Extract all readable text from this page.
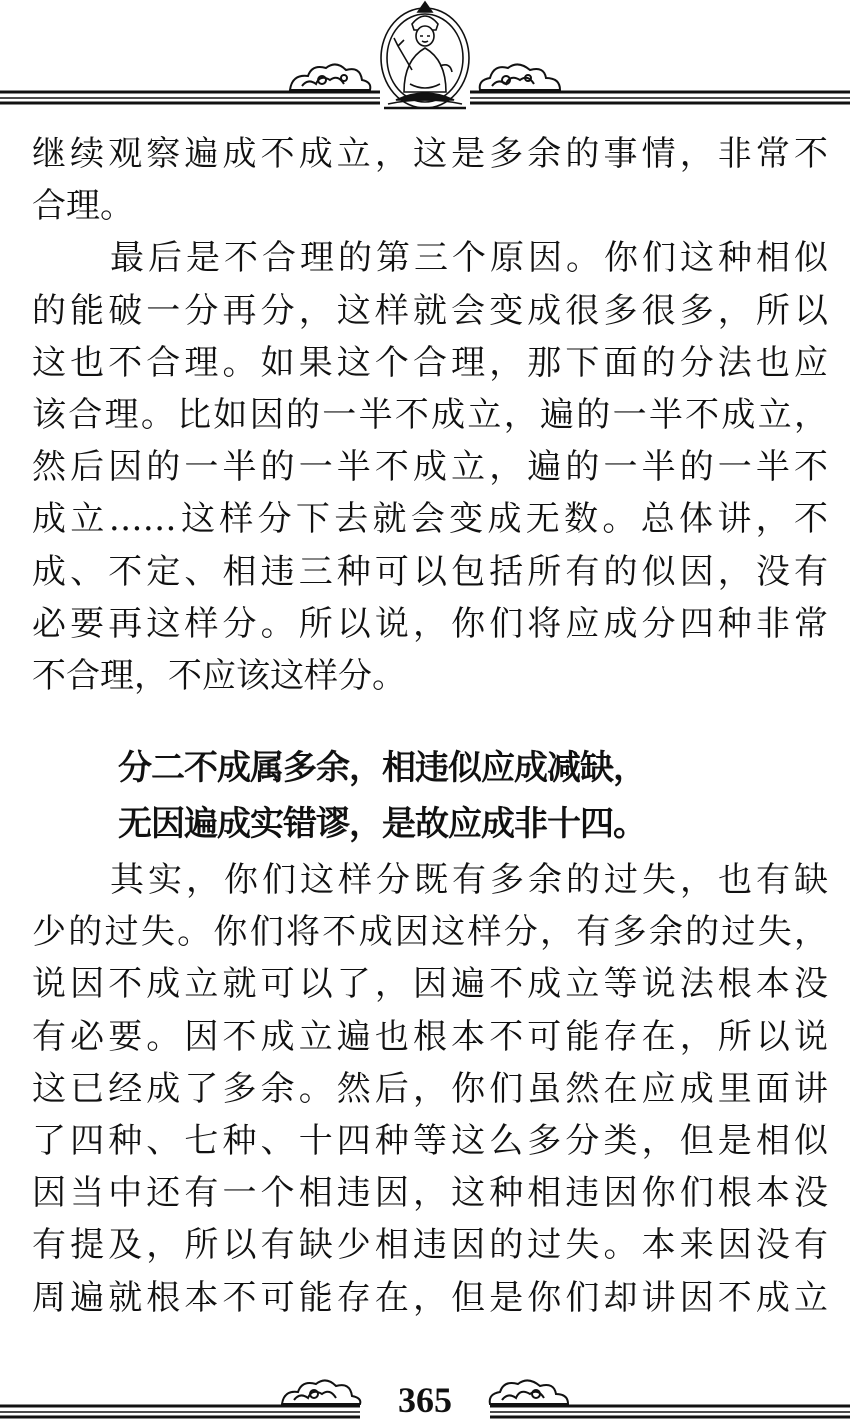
继续观察遍成不成立，这是多余的事情，非常不
合理。
最后是不合理的第三个原因。你们这种相似
的能破一分再分，这样就会变成很多很多，所以
这也不合理。如果这个合理，那下面的分法也应
该合理。比如因的一半不成立，遍的一半不成立，
然后因的一半的一半不成立，遍的一半的一半不
成立……这样分下去就会变成无数。总体讲，不
成、不定、相违三种可以包括所有的似因，没有
必要再这样分。所以说，你们将应成分四种非常
不合理，不应该这样分。
分二不成属多余，相违似应成减缺，
无因遍成实错谬，是故应成非十四。
其实，你们这样分既有多余的过失，也有缺
少的过失。你们将不成因这样分，有多余的过失，
说因不成立就可以了，因遍不成立等说法根本没
有必要。因不成立遍也根本不可能存在，所以说
这已经成了多余。然后，你们虽然在应成里面讲
了四种、七种、十四种等这么多分类，但是相似
因当中还有一个相违因，这种相违因你们根本没
有提及，所以有缺少相违因的过失。本来因没有
周遍就根本不可能存在，但是你们却讲因不成立
365
